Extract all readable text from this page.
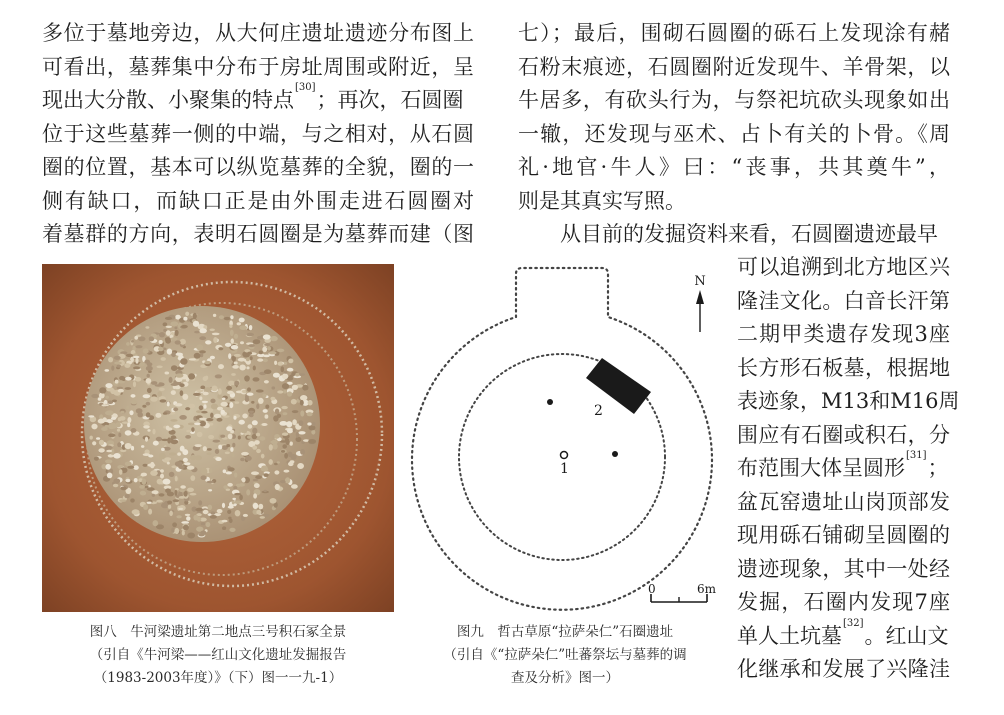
多位于墓地旁边，从大何庄遗址遗迹分布图上
可看出，墓葬集中分布于房址周围或附近，呈
现出大分散、小聚集的特点[30]；再次，石圆圈
位于这些墓葬一侧的中端，与之相对，从石圆
圈的位置，基本可以纵览墓葬的全貌，圈的一
侧有缺口，而缺口正是由外围走进石圆圈对
着墓群的方向，表明石圆圈是为墓葬而建（图
七）；最后，围砌石圆圈的砾石上发现涂有赭
石粉末痕迹，石圆圈附近发现牛、羊骨架，以
牛居多，有砍头行为，与祭祀坑砍头现象如出
一辙，还发现与巫术、占卜有关的卜骨。《周
礼·地官·牛人》曰：“丧事，共其奠牛”，
则是其真实写照。
从目前的发掘资料来看，石圆圈遗迹最早
可以追溯到北方地区兴
隆洼文化。白音长汗第
二期甲类遗存发现3座
长方形石板墓，根据地
表迹象，M13和M16周
围应有石圈或积石，分
布范围大体呈圆形[31]；
盆瓦窑遗址山岗顶部发
现用砾石铺砌呈圆圈的
遗迹现象，其中一处经
发掘，石圈内发现7座
单人土坑墓[32]。红山文
化继承和发展了兴隆洼
图八　牛河梁遗址第二地点三号积石冢全景
（引自《牛河梁——红山文化遗址发掘报告
（1983-2003年度）》（下）图一一九-1）
1
2
N
0	6m
图九　哲古草原“拉萨朵仁”石圈遗址
（引自《“拉萨朵仁”吐蕃祭坛与墓葬的调
查及分析》图一）
